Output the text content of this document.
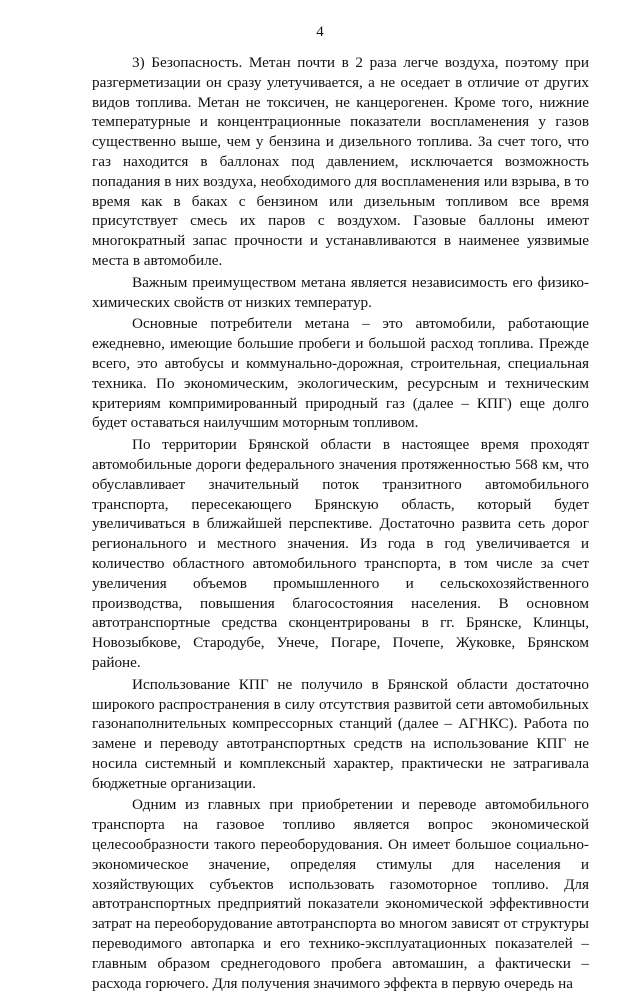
4

3) Безопасность. Метан почти в 2 раза легче воздуха, поэтому при разгерметизации он сразу улетучивается, а не оседает в отличие от других видов топлива. Метан не токсичен, не канцерогенен. Кроме того, нижние температурные и концентрационные показатели воспламенения у газов существенно выше, чем у бензина и дизельного топлива. За счет того, что газ находится в баллонах под давлением, исключается возможность попадания в них воздуха, необходимого для воспламенения или взрыва, в то время как в баках с бензином или дизельным топливом все время присутствует смесь их паров с воздухом. Газовые баллоны имеют многократный запас прочности и устанавливаются в наименее уязвимые места в автомобиле.

Важным преимуществом метана является независимость его физико-химических свойств от низких температур.

Основные потребители метана – это автомобили, работающие ежедневно, имеющие большие пробеги и большой расход топлива. Прежде всего, это автобусы и коммунально-дорожная, строительная, специальная техника. По экономическим, экологическим, ресурсным и техническим критериям компримированный природный газ (далее – КПГ) еще долго будет оставаться наилучшим моторным топливом.

По территории Брянской области в настоящее время проходят автомобильные дороги федерального значения протяженностью 568 км, что обуславливает значительный поток транзитного автомобильного транспорта, пересекающего Брянскую область, который будет увеличиваться в ближайшей перспективе. Достаточно развита сеть дорог регионального и местного значения. Из года в год увеличивается и количество областного автомобильного транспорта, в том числе за счет увеличения объемов промышленного и сельскохозяйственного производства, повышения благосостояния населения. В основном автотранспортные средства сконцентрированы в гг. Брянске, Клинцы, Новозыбкове, Стародубе, Унече, Погаре, Почепе, Жуковке, Брянском районе.

Использование КПГ не получило в Брянской области достаточно широкого распространения в силу отсутствия развитой сети автомобильных газонаполнительных компрессорных станций (далее – АГНКС). Работа по замене и переводу автотранспортных средств на использование КПГ не носила системный и комплексный характер, практически не затрагивала бюджетные организации.

Одним из главных при приобретении и переводе автомобильного транспорта на газовое топливо является вопрос экономической целесообразности такого переоборудования. Он имеет большое социально-экономическое значение, определяя стимулы для населения и хозяйствующих субъектов использовать газомоторное топливо. Для автотранспортных предприятий показатели экономической эффективности затрат на переоборудование автотранспорта во многом зависят от структуры переводимого автопарка и его технико-эксплуатационных показателей – главным образом среднегодового пробега автомашин, а фактически – расхода горючего. Для получения значимого эффекта в первую очередь на
